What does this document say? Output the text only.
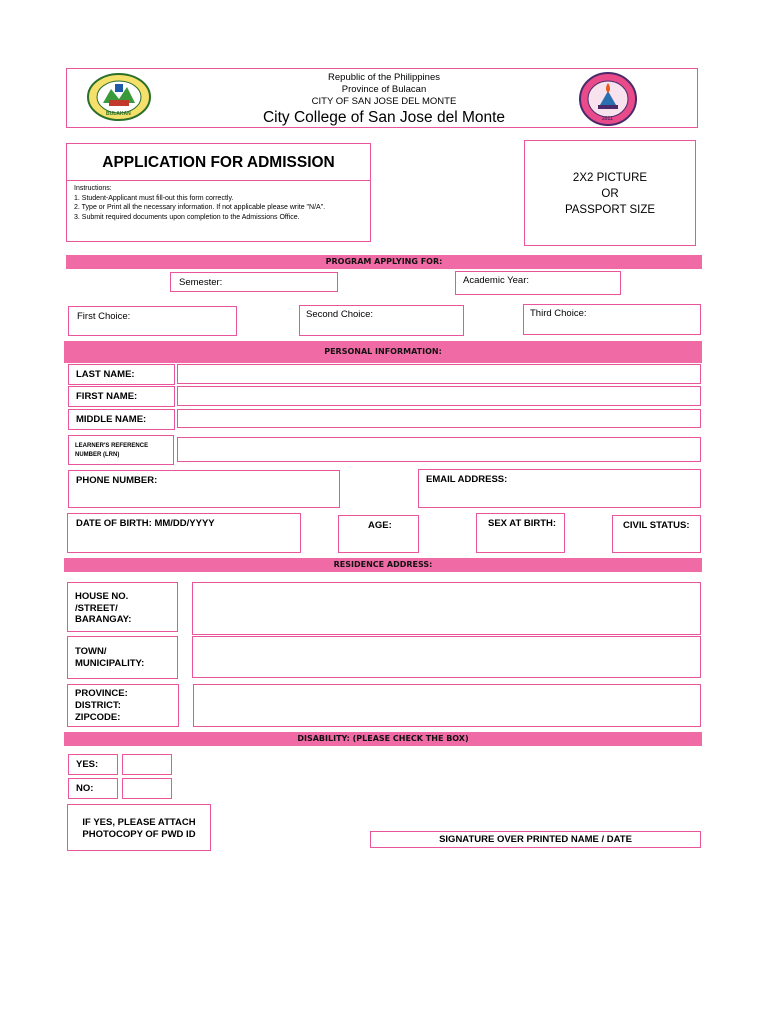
BULAKAN
2011
Republic of the Philippines
Province of Bulacan
CITY OF SAN JOSE DEL MONTE
City College of San Jose del Monte
APPLICATION FOR ADMISSION
Instructions:
1. Student-Applicant must fill-out this form correctly.
2. Type or Print all the necessary information. If not applicable please write "N/A".
3. Submit required documents upon completion to the Admissions Office.
2X2 PICTURE
OR
PASSPORT SIZE
PROGRAM APPLYING FOR:
Semester:	Academic Year:
First Choice:	Second Choice:	Third Choice:
PERSONAL INFORMATION:
LAST NAME:
FIRST NAME:
MIDDLE NAME:
LEARNER'S REFERENCE
NUMBER (LRN)
PHONE NUMBER:	EMAIL ADDRESS:
DATE OF BIRTH: MM/DD/YYYY	AGE:	SEX AT BIRTH:	CIVIL STATUS:
RESIDENCE ADDRESS:
HOUSE NO.
/STREET/
BARANGAY:
TOWN/
MUNICIPALITY:
PROVINCE:
DISTRICT:
ZIPCODE:
DISABILITY: (PLEASE CHECK THE BOX)
YES:
NO:
IF YES, PLEASE ATTACH
PHOTOCOPY OF PWD ID	SIGNATURE OVER PRINTED NAME / DATE
